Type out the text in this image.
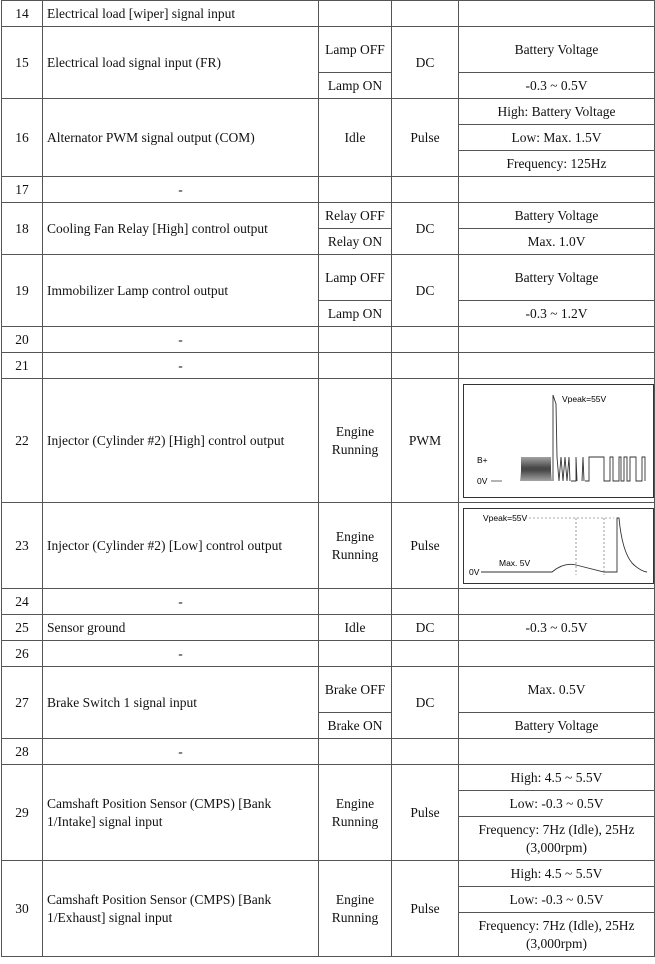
14	Electrical load [wiper] signal input			
15	Electrical load signal input (FR)	Lamp OFF	DC	Battery Voltage
		Lamp ON		-0.3 ~ 0.5V
16	Alternator PWM signal output (COM)	Idle	Pulse	High: Battery Voltage
				Low: Max. 1.5V
				Frequency: 125Hz
17	-			
18	Cooling Fan Relay [High] control output	Relay OFF	DC	Battery Voltage
		Relay ON		Max. 1.0V
19	Immobilizer Lamp control output	Lamp OFF	DC	Battery Voltage
		Lamp ON		-0.3 ~ 1.2V
20	-			
21	-			
22	Injector (Cylinder #2) [High] control output	Engine Running	PWM	Vpeak=55V
B+
0V

23	Injector (Cylinder #2) [Low] control output	Engine Running	Pulse	Vpeak=55V
Max. 5V
0V

24	-			
25	Sensor ground	Idle	DC	-0.3 ~ 0.5V
26	-			
27	Brake Switch 1 signal input	Brake OFF	DC	Max. 0.5V
		Brake ON		Battery Voltage
28	-			
29	Camshaft Position Sensor (CMPS) [Bank 1/Intake] signal input	Engine Running	Pulse	High: 4.5 ~ 5.5V
				Low: -0.3 ~ 0.5V
				Frequency: 7Hz (Idle), 25Hz (3,000rpm)
30	Camshaft Position Sensor (CMPS) [Bank 1/Exhaust] signal input	Engine Running	Pulse	High: 4.5 ~ 5.5V
				Low: -0.3 ~ 0.5V
				Frequency: 7Hz (Idle), 25Hz (3,000rpm)
